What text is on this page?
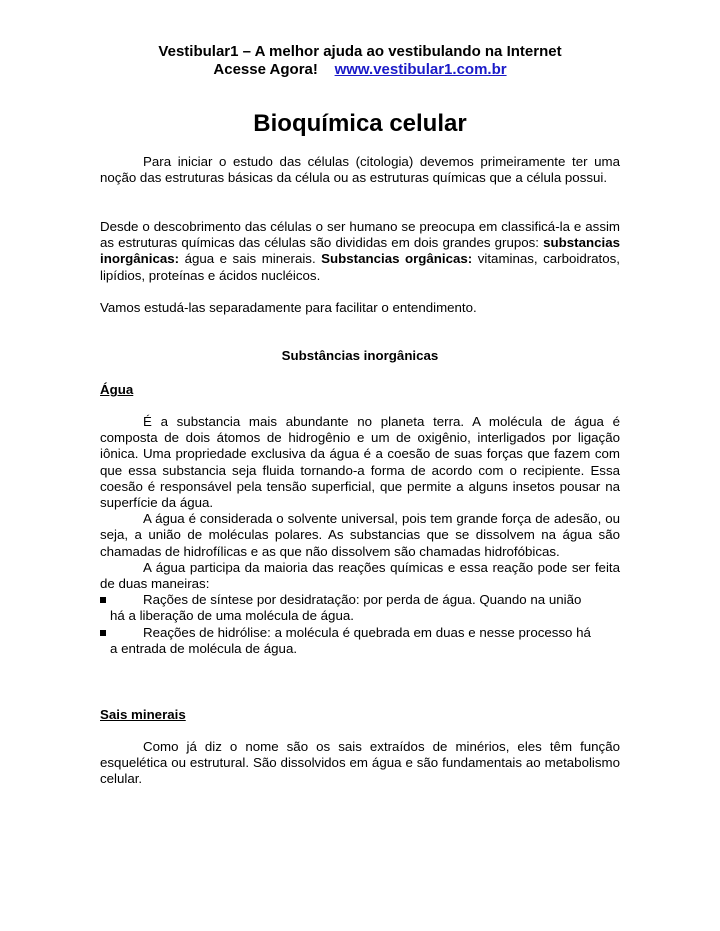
Vestibular1 – A melhor ajuda ao vestibulando na Internet
Acesse Agora! www.vestibular1.com.br
Bioquímica celular

Para iniciar o estudo das células (citologia) devemos primeiramente ter uma noção das estruturas básicas da célula ou as estruturas químicas que a célula possui.

Desde o descobrimento das células o ser humano se preocupa em classificá-la e assim as estruturas químicas das células são divididas em dois grandes grupos: substancias inorgânicas: água e sais minerais. Substancias orgânicas: vitaminas, carboidratos, lipídios, proteínas e ácidos nucléicos.

Vamos estudá-las separadamente para facilitar o entendimento.

Substâncias inorgânicas
Água

É a substancia mais abundante no planeta terra. A molécula de água é composta de dois átomos de hidrogênio e um de oxigênio, interligados por ligação iônica. Uma propriedade exclusiva da água é a coesão de suas forças que fazem com que essa substancia seja fluida tornando-a forma de acordo com o recipiente. Essa coesão é responsável pela tensão superficial, que permite a alguns insetos pousar na superfície da água.

A água é considerada o solvente universal, pois tem grande força de adesão, ou seja, a união de moléculas polares. As substancias que se dissolvem na água são chamadas de hidrofílicas e as que não dissolvem são chamadas hidrofóbicas.

A água participa da maioria das reações químicas e essa reação pode ser feita de duas maneiras:

Rações de síntese por desidratação: por perda de água. Quando na união
há a liberação de uma molécula de água.
Reações de hidrólise: a molécula é quebrada em duas e nesse processo há
a entrada de molécula de água.
Sais minerais

Como já diz o nome são os sais extraídos de minérios, eles têm função esquelética ou estrutural. São dissolvidos em água e são fundamentais ao metabolismo celular.
